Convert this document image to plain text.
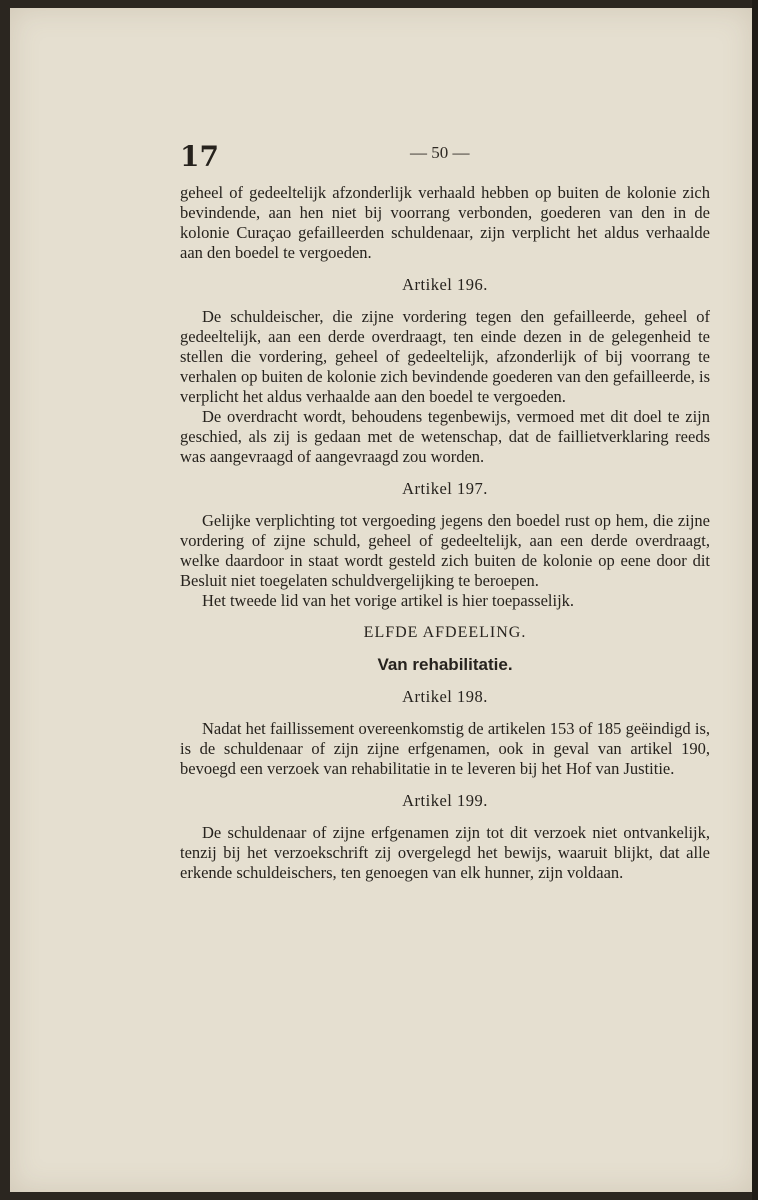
17	— 50 —

geheel of gedeeltelijk afzonderlijk verhaald hebben op buiten de kolonie zich bevindende, aan hen niet bij voorrang verbonden, goederen van den in de kolonie Curaçao gefailleerden schuldenaar, zijn verplicht het aldus verhaalde aan den boedel te vergoeden.

Artikel 196.

De schuldeischer, die zijne vordering tegen den gefailleerde, geheel of gedeeltelijk, aan een derde overdraagt, ten einde dezen in de gelegenheid te stellen die vordering, geheel of gedeeltelijk, afzonderlijk of bij voorrang te verhalen op buiten de kolonie zich bevindende goederen van den gefailleerde, is verplicht het aldus verhaalde aan den boedel te vergoeden.

De overdracht wordt, behoudens tegenbewijs, vermoed met dit doel te zijn geschied, als zij is gedaan met de wetenschap, dat de faillietverklaring reeds was aangevraagd of aangevraagd zou worden.

Artikel 197.

Gelijke verplichting tot vergoeding jegens den boedel rust op hem, die zijne vordering of zijne schuld, geheel of gedeeltelijk, aan een derde overdraagt, welke daardoor in staat wordt gesteld zich buiten de kolonie op eene door dit Besluit niet toegelaten schuldvergelijking te beroepen.

Het tweede lid van het vorige artikel is hier toepasselijk.

ELFDE AFDEELING.

Van rehabilitatie.

Artikel 198.

Nadat het faillissement overeenkomstig de artikelen 153 of 185 geëindigd is, is de schuldenaar of zijn zijne erfgenamen, ook in geval van artikel 190, bevoegd een verzoek van rehabilitatie in te leveren bij het Hof van Justitie.

Artikel 199.

De schuldenaar of zijne erfgenamen zijn tot dit verzoek niet ontvankelijk, tenzij bij het verzoekschrift zij overgelegd het bewijs, waaruit blijkt, dat alle erkende schuldeischers, ten genoegen van elk hunner, zijn voldaan.
